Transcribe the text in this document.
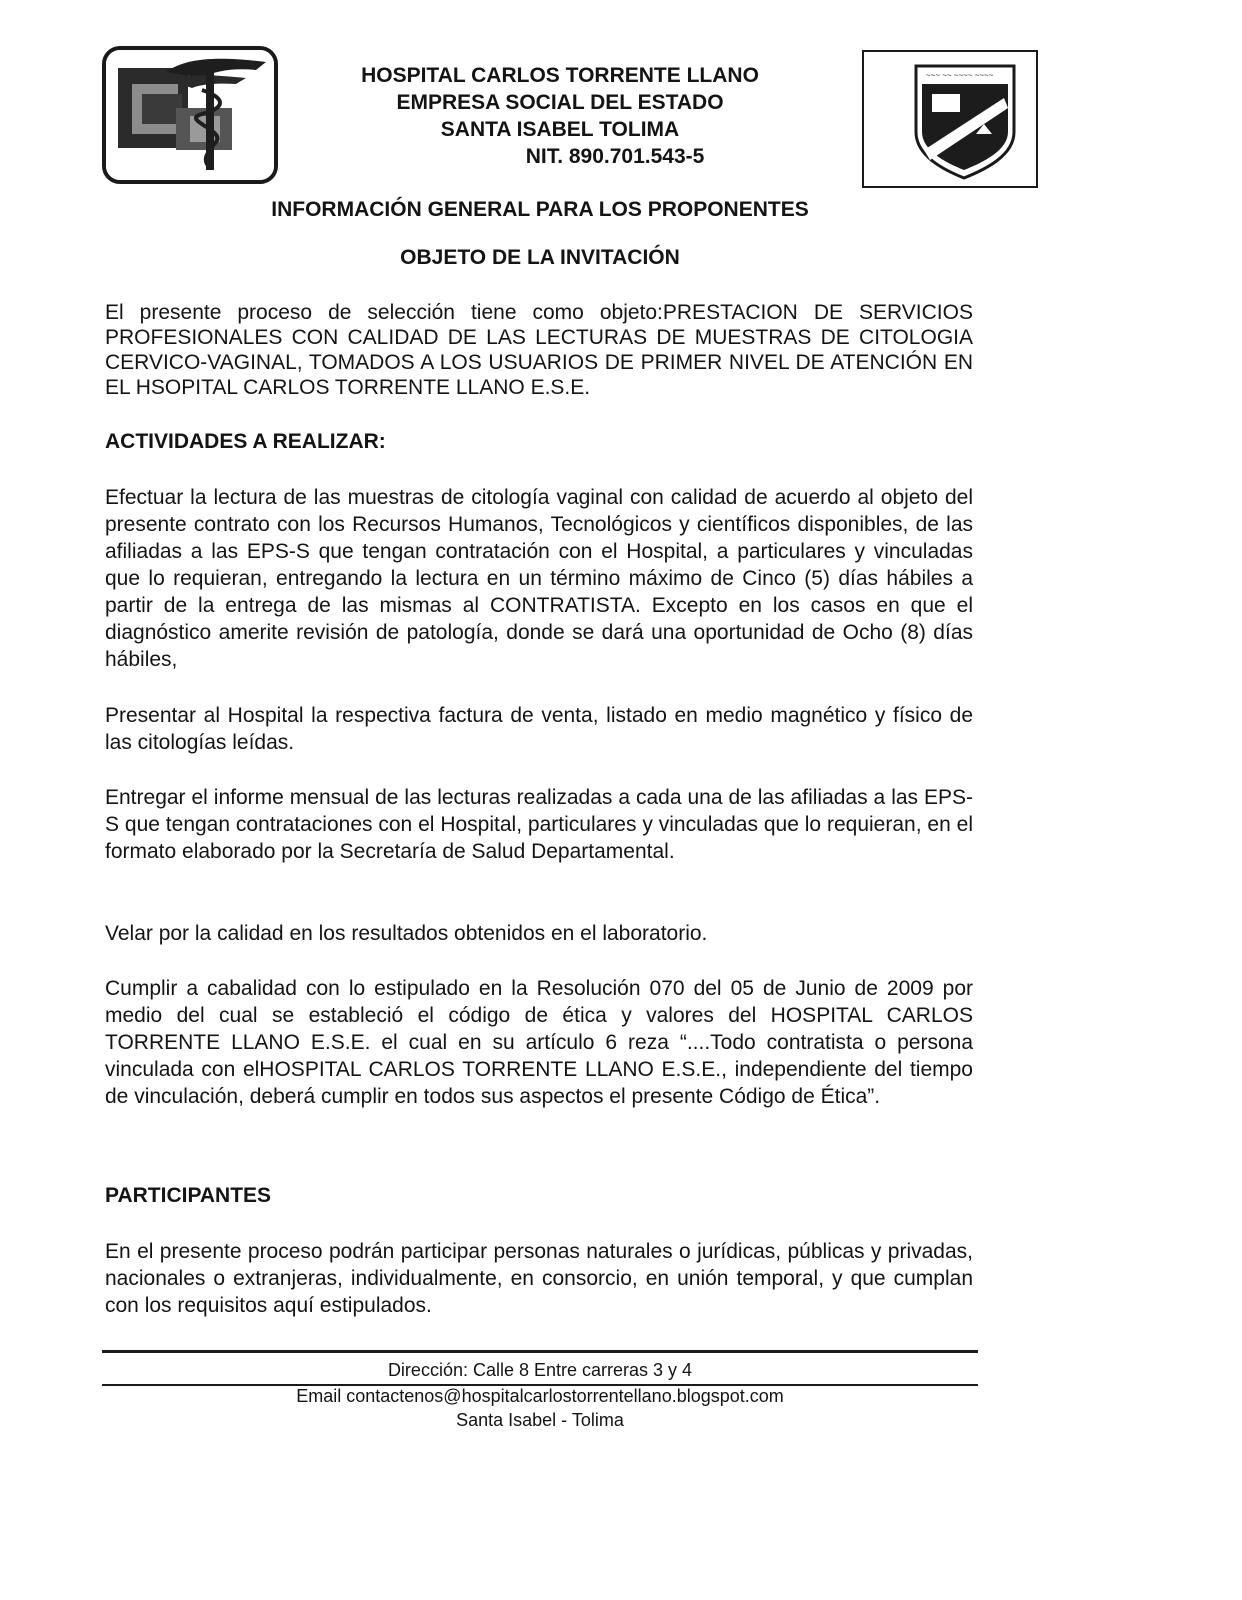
HOSPITAL CARLOS TORRENTE LLANO
EMPRESA SOCIAL DEL ESTADO
SANTA ISABEL TOLIMA
NIT. 890.701.543-5
~~~ ~~ ~~~~ ~~~~
INFORMACIÓN GENERAL PARA LOS PROPONENTES
OBJETO DE LA INVITACIÓN
El presente proceso de selección tiene como objeto:PRESTACION DE SERVICIOS PROFESIONALES CON CALIDAD DE LAS LECTURAS DE MUESTRAS DE CITOLOGIA CERVICO-VAGINAL, TOMADOS A LOS USUARIOS DE PRIMER NIVEL DE ATENCIÓN EN EL HSOPITAL CARLOS TORRENTE LLANO E.S.E.
ACTIVIDADES A REALIZAR:
Efectuar la lectura de las muestras de citología vaginal con calidad de acuerdo al objeto del presente contrato con los Recursos Humanos, Tecnológicos y científicos disponibles, de las afiliadas a las EPS-S que tengan contratación con el Hospital, a particulares y vinculadas que lo requieran, entregando la lectura en un término máximo de Cinco (5) días hábiles a partir de la entrega de las mismas al CONTRATISTA. Excepto en los casos en que el diagnóstico amerite revisión de patología, donde se dará una oportunidad de Ocho (8) días hábiles,
Presentar al Hospital la respectiva factura de venta, listado en medio magnético y físico de las citologías leídas.
Entregar el informe mensual de las lecturas realizadas a cada una de las afiliadas a las EPS-S que tengan contrataciones con el Hospital, particulares y vinculadas que lo requieran, en el formato elaborado por la Secretaría de Salud Departamental.
Velar por la calidad en los resultados obtenidos en el laboratorio.
Cumplir a cabalidad con lo estipulado en la Resolución 070 del 05 de Junio de 2009 por medio del cual se estableció el código de ética y valores del HOSPITAL CARLOS TORRENTE LLANO E.S.E. el cual en su artículo 6 reza “....Todo contratista o persona vinculada con elHOSPITAL CARLOS TORRENTE LLANO E.S.E., independiente del tiempo de vinculación, deberá cumplir en todos sus aspectos el presente Código de Ética”.
PARTICIPANTES
En el presente proceso podrán participar personas naturales o jurídicas, públicas y privadas, nacionales o extranjeras, individualmente, en consorcio, en unión temporal, y que cumplan con los requisitos aquí estipulados.
Dirección: Calle 8 Entre carreras 3 y 4
Email contactenos@hospitalcarlostorrentellano.blogspot.com
Santa Isabel - Tolima
